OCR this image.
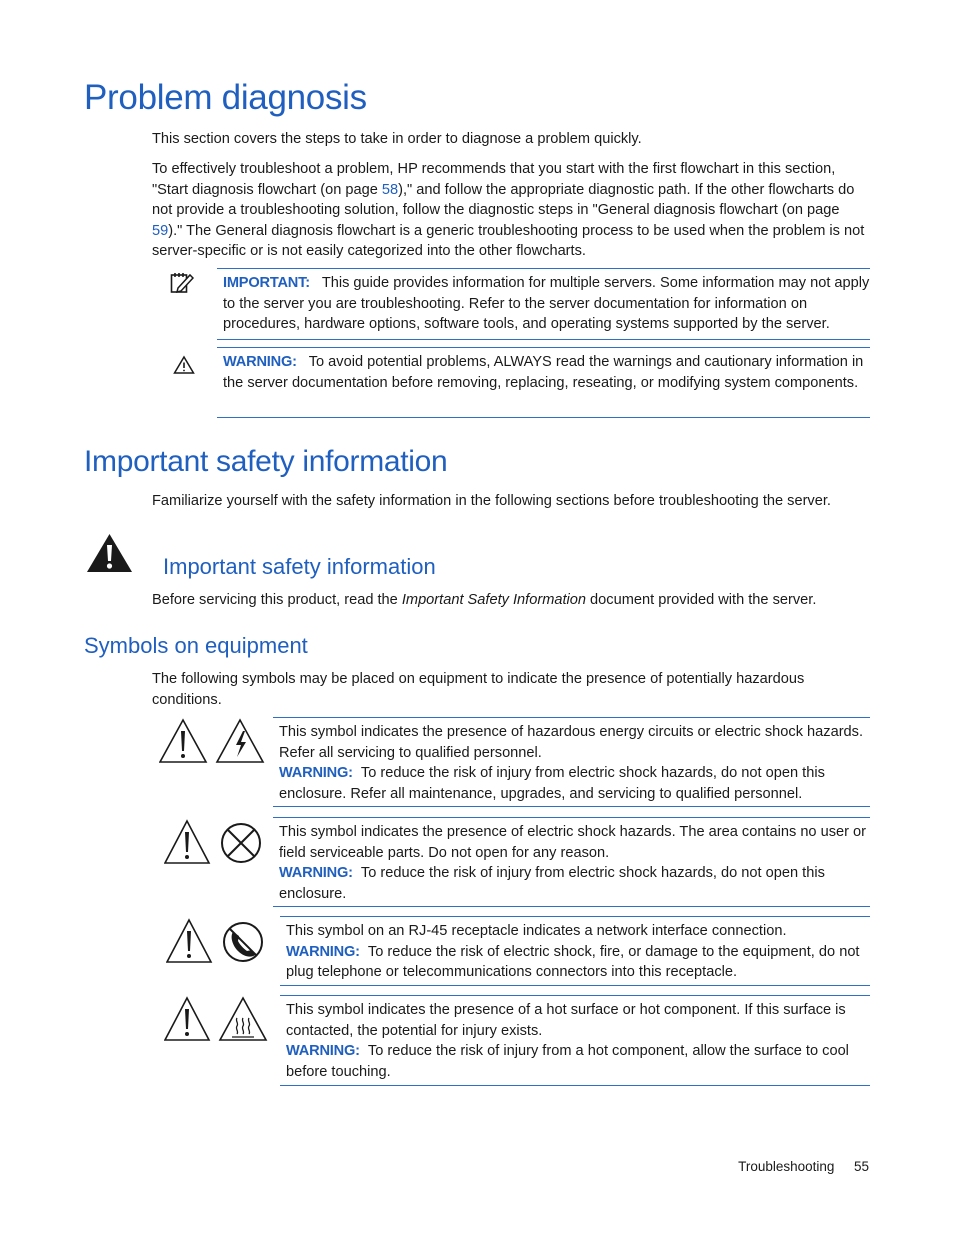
Problem diagnosis
This section covers the steps to take in order to diagnose a problem quickly.
To effectively troubleshoot a problem, HP recommends that you start with the first flowchart in this section, "Start diagnosis flowchart (on page 58)," and follow the appropriate diagnostic path. If the other flowcharts do not provide a troubleshooting solution, follow the diagnostic steps in "General diagnosis flowchart (on page 59)." The General diagnosis flowchart is a generic troubleshooting process to be used when the problem is not server-specific or is not easily categorized into the other flowcharts.
IMPORTANT: This guide provides information for multiple servers. Some information may not apply to the server you are troubleshooting. Refer to the server documentation for information on procedures, hardware options, software tools, and operating systems supported by the server.
WARNING: To avoid potential problems, ALWAYS read the warnings and cautionary information in the server documentation before removing, replacing, reseating, or modifying system components.
Important safety information
Familiarize yourself with the safety information in the following sections before troubleshooting the server.
Important safety information
Before servicing this product, read the Important Safety Information document provided with the server.
Symbols on equipment
The following symbols may be placed on equipment to indicate the presence of potentially hazardous conditions.
This symbol indicates the presence of hazardous energy circuits or electric shock hazards. Refer all servicing to qualified personnel.
WARNING: To reduce the risk of injury from electric shock hazards, do not open this enclosure. Refer all maintenance, upgrades, and servicing to qualified personnel.
This symbol indicates the presence of electric shock hazards. The area contains no user or field serviceable parts. Do not open for any reason.
WARNING: To reduce the risk of injury from electric shock hazards, do not open this enclosure.
This symbol on an RJ-45 receptacle indicates a network interface connection.
WARNING: To reduce the risk of electric shock, fire, or damage to the equipment, do not plug telephone or telecommunications connectors into this receptacle.
This symbol indicates the presence of a hot surface or hot component. If this surface is contacted, the potential for injury exists.
WARNING: To reduce the risk of injury from a hot component, allow the surface to cool before touching.
Troubleshooting 55
